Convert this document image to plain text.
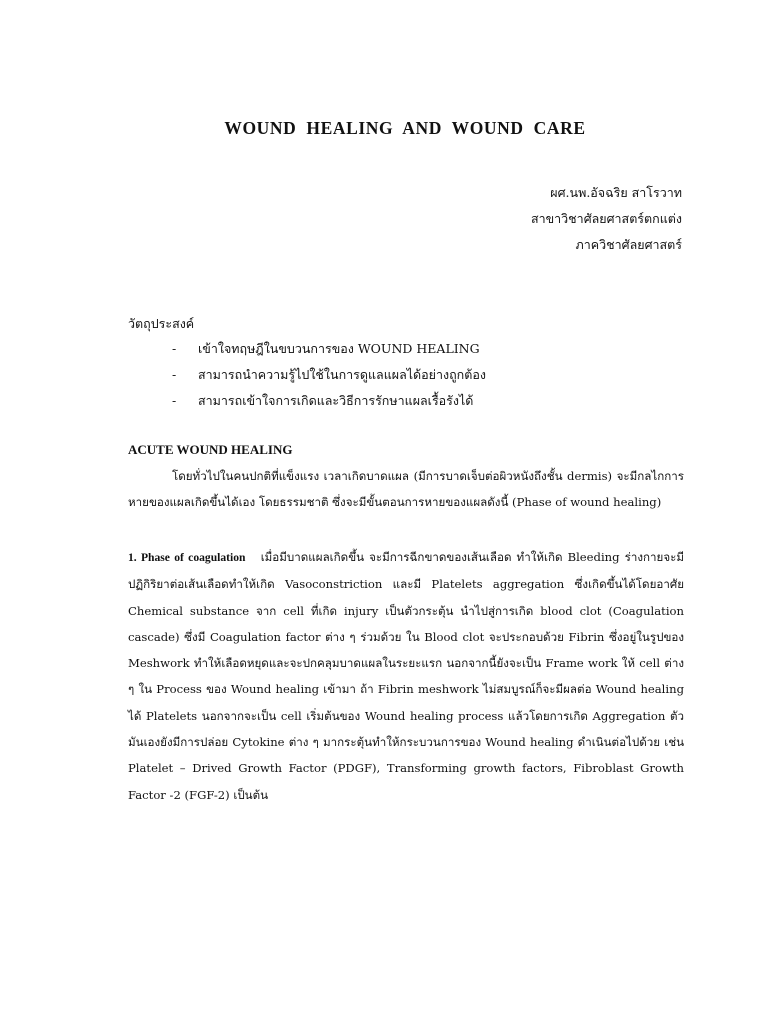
WOUND HEALING AND WOUND CARE
ผศ.นพ.อัจฉริย สาโรวาท
สาขาวิชาศัลยศาสตร์ตกแต่ง
ภาควิชาศัลยศาสตร์
วัตถุประสงค์
- เข้าใจทฤษฎีในขบวนการของ WOUND HEALING
- สามารถนำความรู้ไปใช้ในการดูแลแผลได้อย่างถูกต้อง
- สามารถเข้าใจการเกิดและวิธีการรักษาแผลเรื้อรังได้
ACUTE WOUND HEALING

โดยทั่วไปในคนปกติที่แข็งแรง เวลาเกิดบาดแผล (มีการบาดเจ็บต่อผิวหนังถึงชั้น dermis) จะมีกลไกการหายของแผลเกิดขึ้นได้เอง โดยธรรมชาติ ซึ่งจะมีขั้นตอนการหายของแผลดังนี้ (Phase of wound healing)

1. Phase of coagulation เมื่อมีบาดแผลเกิดขึ้น จะมีการฉีกขาดของเส้นเลือด ทำให้เกิด Bleeding ร่างกายจะมีปฏิกิริยาต่อเส้นเลือดทำให้เกิด Vasoconstriction และมี Platelets aggregation ซึ่งเกิดขึ้นได้โดยอาศัย Chemical substance จาก cell ที่เกิด injury เป็นตัวกระตุ้น นำไปสู่การเกิด blood clot (Coagulation cascade) ซึ่งมี Coagulation factor ต่าง ๆ ร่วมด้วย ใน Blood clot จะประกอบด้วย Fibrin ซึ่งอยู่ในรูปของ Meshwork ทำให้เลือดหยุดและจะปกคลุมบาดแผลในระยะแรก นอกจากนี้ยังจะเป็น Frame work ให้ cell ต่าง ๆ ใน Process ของ Wound healing เข้ามา ถ้า Fibrin meshwork ไม่สมบูรณ์ก็จะมีผลต่อ Wound healing ได้ Platelets นอกจากจะเป็น cell เริ่มต้นของ Wound healing process แล้วโดยการเกิด Aggregation ตัวมันเองยังมีการปล่อย Cytokine ต่าง ๆ มากระตุ้นทำให้กระบวนการของ Wound healing ดำเนินต่อไปด้วย เช่น Platelet – Drived Growth Factor (PDGF), Transforming growth factors, Fibroblast Growth Factor -2 (FGF-2) เป็นต้น
